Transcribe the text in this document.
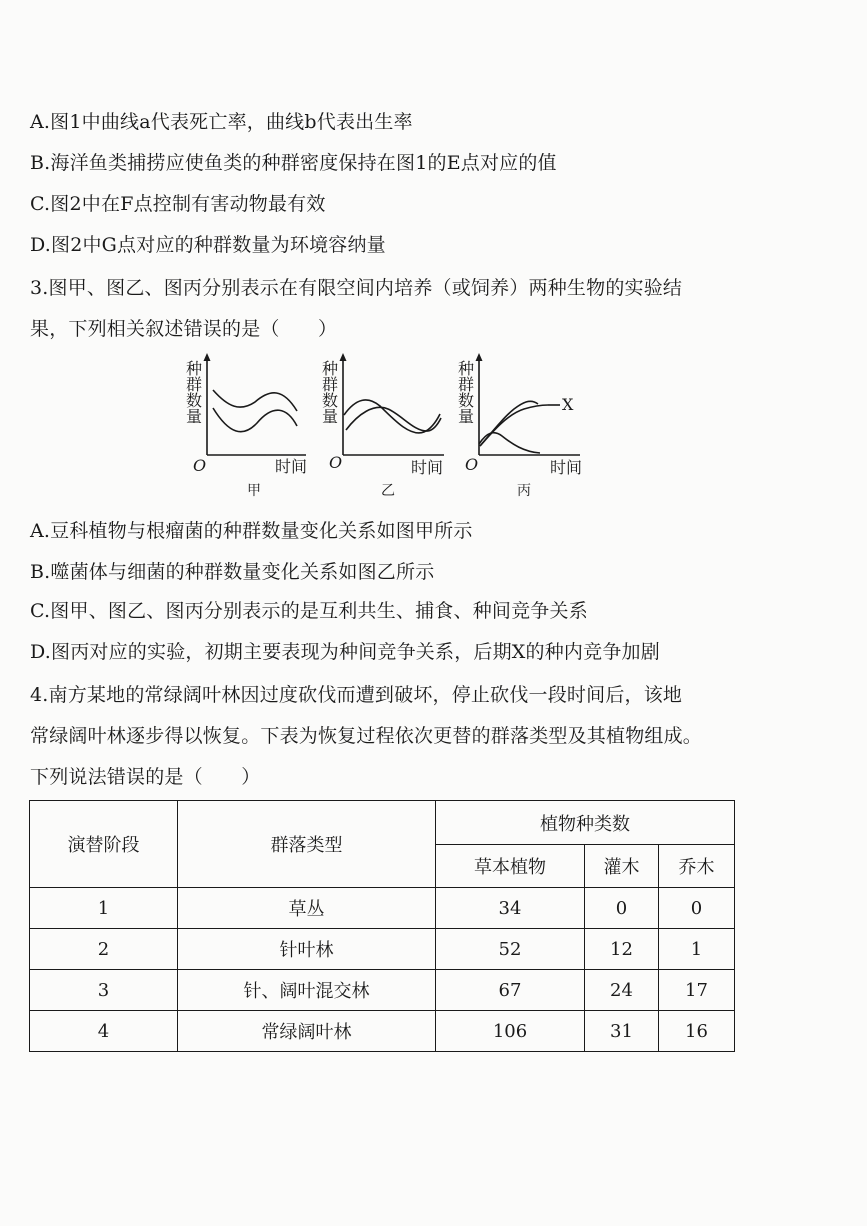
A.图1中曲线a代表死亡率，曲线b代表出生率
B.海洋鱼类捕捞应使鱼类的种群密度保持在图1的E点对应的值
C.图2中在F点控制有害动物最有效
D.图2中G点对应的种群数量为环境容纳量
3.图甲、图乙、图丙分别表示在有限空间内培养（或饲养）两种生物的实验结
果，下列相关叙述错误的是（　　）
种群数量
O	时间
甲
种群数量
O	时间
乙
X
种群数量
O	时间
丙
A.豆科植物与根瘤菌的种群数量变化关系如图甲所示
B.噬菌体与细菌的种群数量变化关系如图乙所示
C.图甲、图乙、图丙分别表示的是互利共生、捕食、种间竞争关系
D.图丙对应的实验，初期主要表现为种间竞争关系，后期X的种内竞争加剧
4.南方某地的常绿阔叶林因过度砍伐而遭到破坏，停止砍伐一段时间后，该地
常绿阔叶林逐步得以恢复。下表为恢复过程依次更替的群落类型及其植物组成。
下列说法错误的是（　　）
演替阶段	群落类型	植物种类数		
		草本植物	灌木	乔木
1	草丛	34	0	0
2	针叶林	52	12	1
3	针、阔叶混交林	67	24	17
4	常绿阔叶林	106	31	16
